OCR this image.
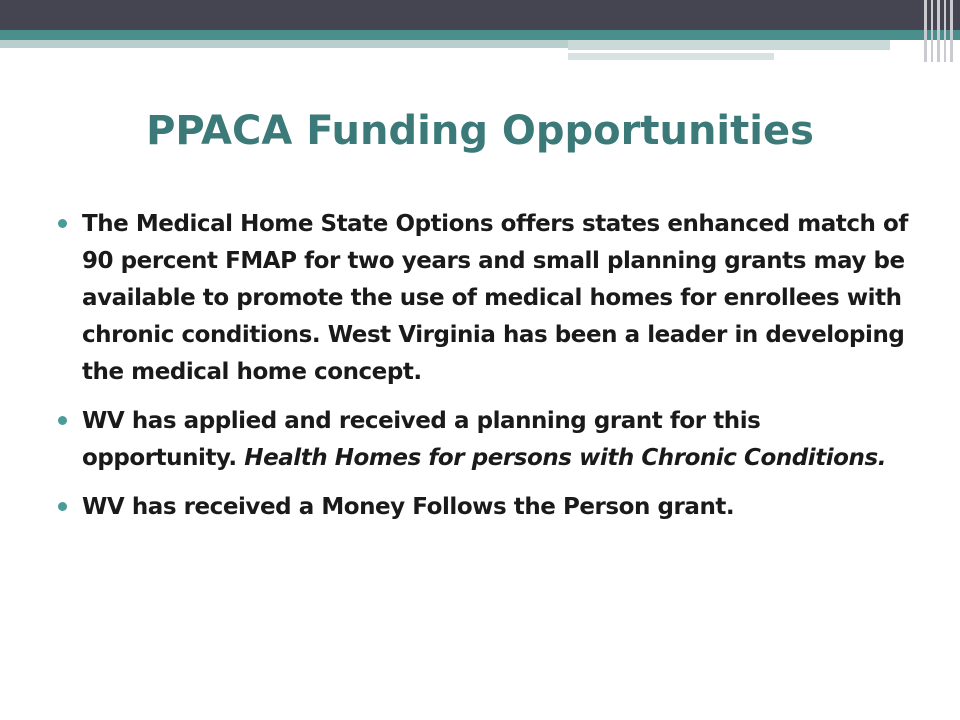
PPACA Funding Opportunities
The Medical Home State Options offers states enhanced match of 90 percent FMAP for two years and small planning grants may be available to promote the use of medical homes for enrollees with chronic conditions. West Virginia has been a leader in developing the medical home concept.
WV has applied and received a planning grant for this opportunity. Health Homes for persons with Chronic Conditions.
WV has received a Money Follows the Person grant.
